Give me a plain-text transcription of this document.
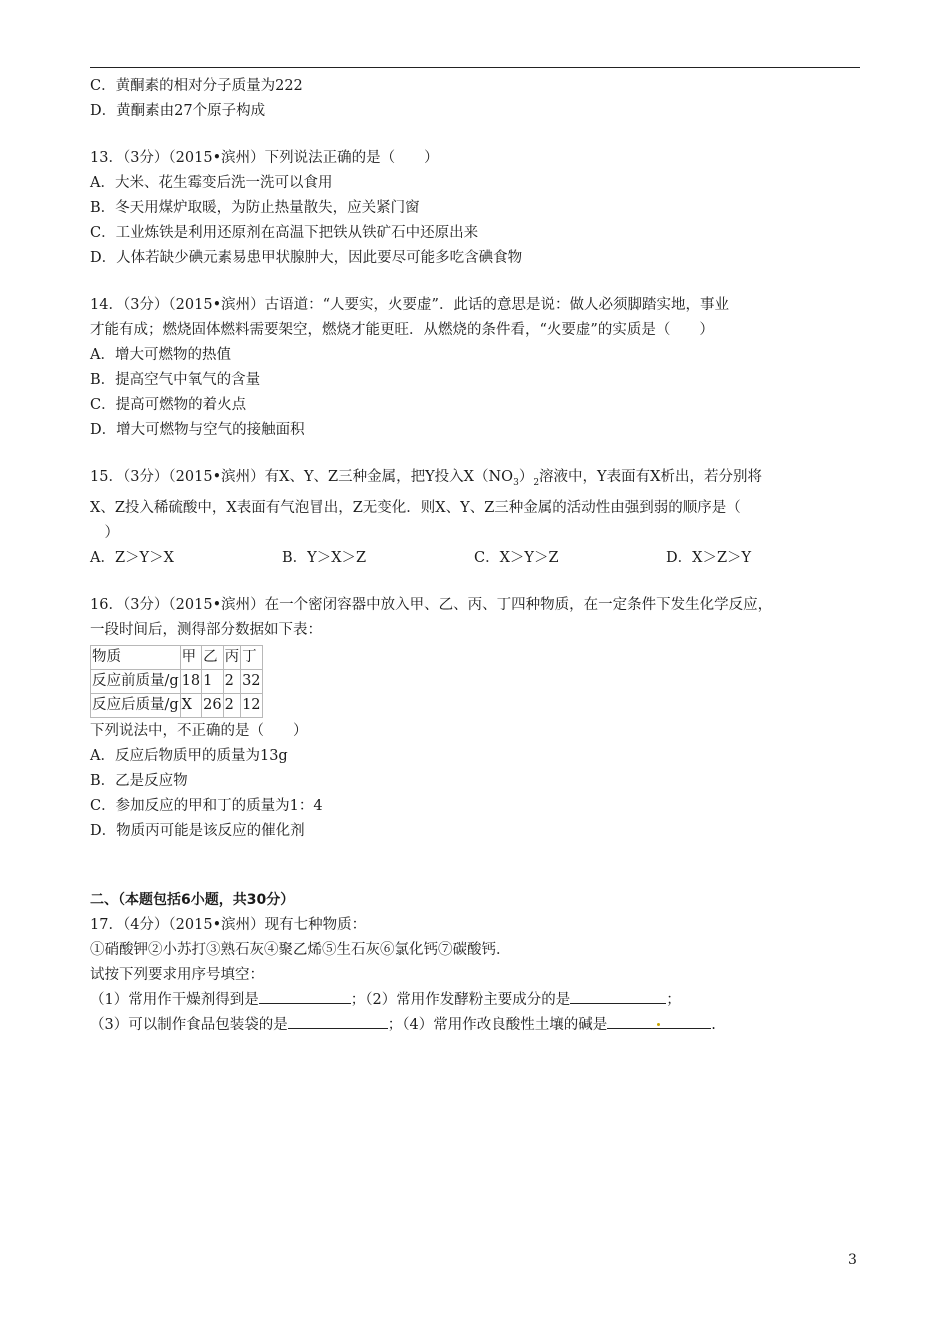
C．黄酮素的相对分子质量为222
D．黄酮素由27个原子构成
13．（3分）（2015•滨州）下列说法正确的是（　　）
A．大米、花生霉变后洗一洗可以食用
B．冬天用煤炉取暖，为防止热量散失，应关紧门窗
C．工业炼铁是利用还原剂在高温下把铁从铁矿石中还原出来
D．人体若缺少碘元素易患甲状腺肿大，因此要尽可能多吃含碘食物
14．（3分）（2015•滨州）古语道：“人要实，火要虚”．此话的意思是说：做人必须脚踏实地，事业
才能有成；燃烧固体燃料需要架空，燃烧才能更旺．从燃烧的条件看，“火要虚”的实质是（　　）
A．增大可燃物的热值
B．提高空气中氧气的含量
C．提高可燃物的着火点
D．增大可燃物与空气的接触面积
15．（3分）（2015•滨州）有X、Y、Z三种金属，把Y投入$X(NO_3)_2$溶液中，Y表面有X析出，若分别将
X、Z投入稀硫酸中，X表面有气泡冒出，Z无变化．则X、Y、Z三种金属的活动性由强到弱的顺序是（
　）
A．Z＞Y＞X	B．Y＞X＞Z	C．X＞Y＞Z	D．X＞Z＞Y
16．（3分）（2015•滨州）在一个密闭容器中放入甲、乙、丙、丁四种物质，在一定条件下发生化学反应，
一段时间后，测得部分数据如下表：
物质	甲	乙	丙	丁
反应前质量/g	18	1	2	32
反应后质量/g	X	26	2	12
下列说法中，不正确的是（　　）
A．反应后物质甲的质量为13g
B．乙是反应物
C．参加反应的甲和丁的质量为1：4
D．物质丙可能是该反应的催化剂
二、（本题包括6小题，共30分）
17．（4分）（2015•滨州）现有七种物质：
①硝酸钾②小苏打③熟石灰④聚乙烯⑤生石灰⑥氯化钙⑦碳酸钙．
试按下列要求用序号填空：
（1）常用作干燥剂得到是	；（2）常用作发酵粉主要成分的是	；
（3）可以制作食品包装袋的是	；（4）常用作改良酸性土壤的碱是	.
3
